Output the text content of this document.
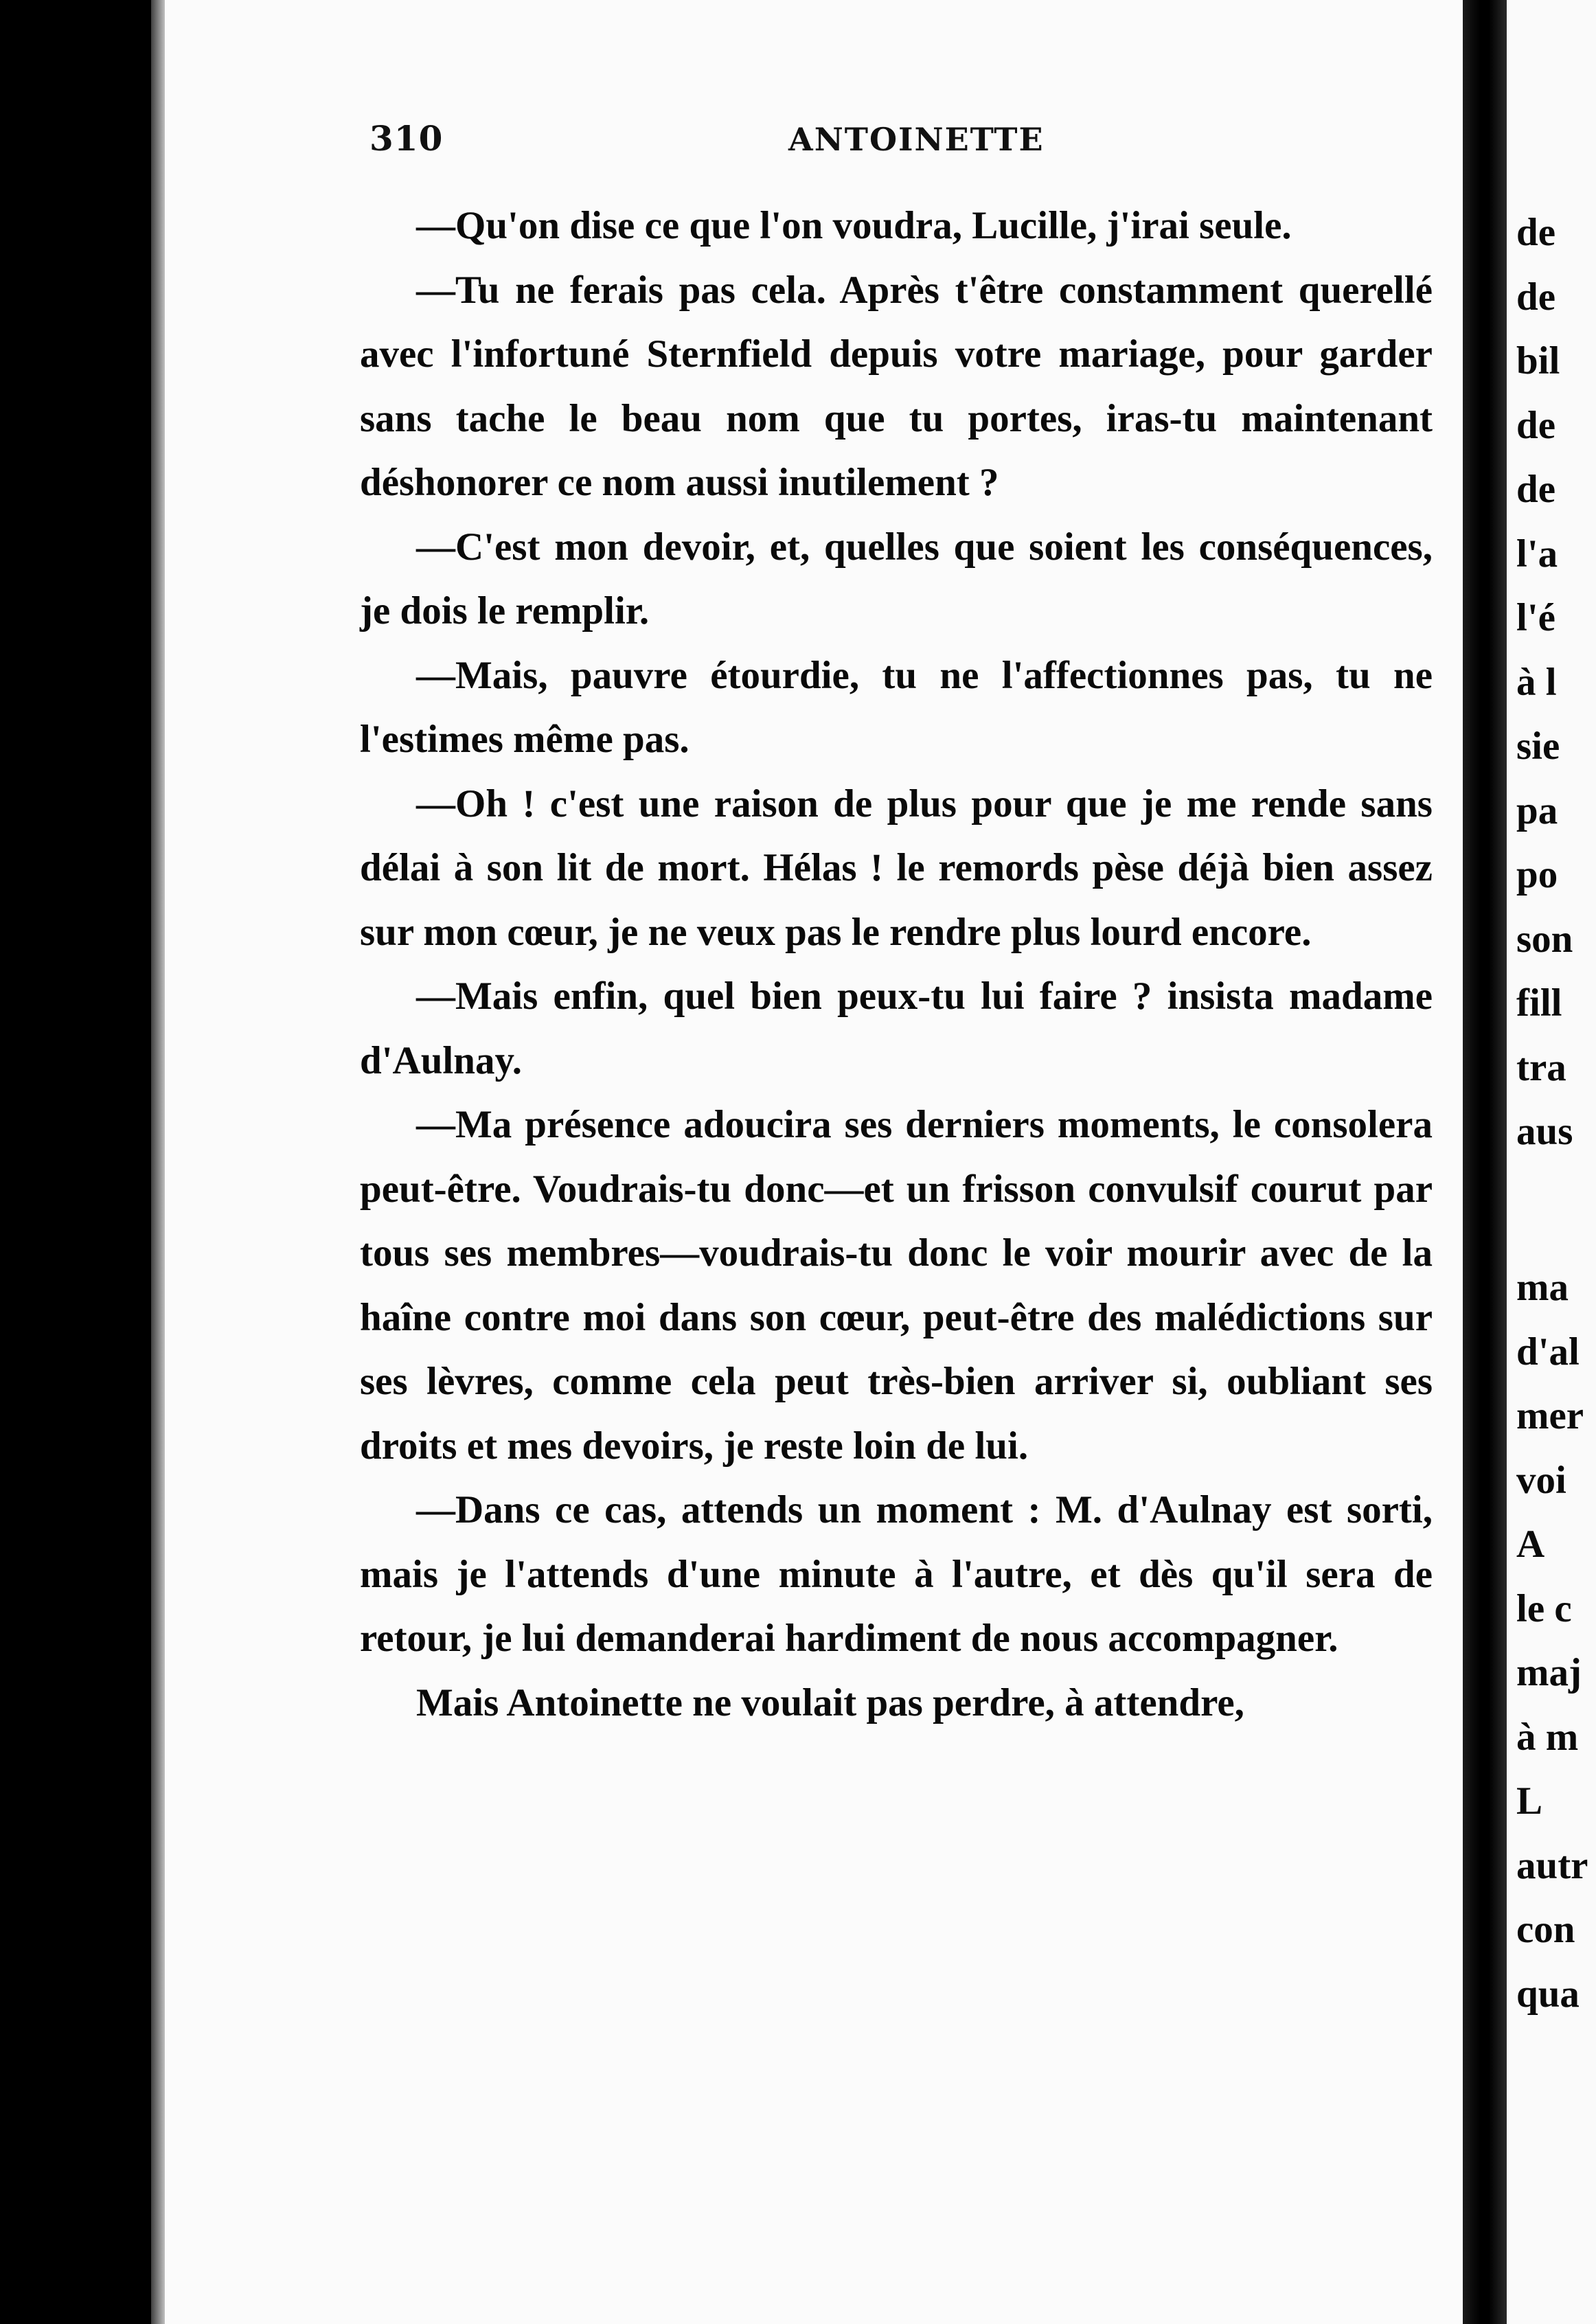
310	ANTOINETTE

—Qu'on dise ce que l'on voudra, Lucille, j'irai seule.

—Tu ne ferais pas cela. Après t'être constamment querellé avec l'infortuné Sternfield depuis votre mariage, pour garder sans tache le beau nom que tu portes, iras-tu maintenant déshonorer ce nom aussi inutilement ?

—C'est mon devoir, et, quelles que soient les conséquences, je dois le remplir.

—Mais, pauvre étourdie, tu ne l'affectionnes pas, tu ne l'estimes même pas.

—Oh ! c'est une raison de plus pour que je me rende sans délai à son lit de mort. Hélas ! le remords pèse déjà bien assez sur mon cœur, je ne veux pas le rendre plus lourd encore.

—Mais enfin, quel bien peux-tu lui faire ? insista madame d'Aulnay.

—Ma présence adoucira ses derniers moments, le consolera peut-être. Voudrais-tu donc—et un frisson convulsif courut par tous ses membres—voudrais-tu donc le voir mourir avec de la haîne contre moi dans son cœur, peut-être des malédictions sur ses lèvres, comme cela peut très-bien arriver si, oubliant ses droits et mes devoirs, je reste loin de lui.

—Dans ce cas, attends un moment : M. d'Aulnay est sorti, mais je l'attends d'une minute à l'autre, et dès qu'il sera de retour, je lui demanderai hardiment de nous accompagner.

Mais Antoinette ne voulait pas perdre, à attendre,

de
de
bil
de
de
l'a
l'é
à l
sie
pa
po
son
fill
tra
aus
ma
d'al
mer
voi
A
le c
maj
à m
L
autr
con
qua
